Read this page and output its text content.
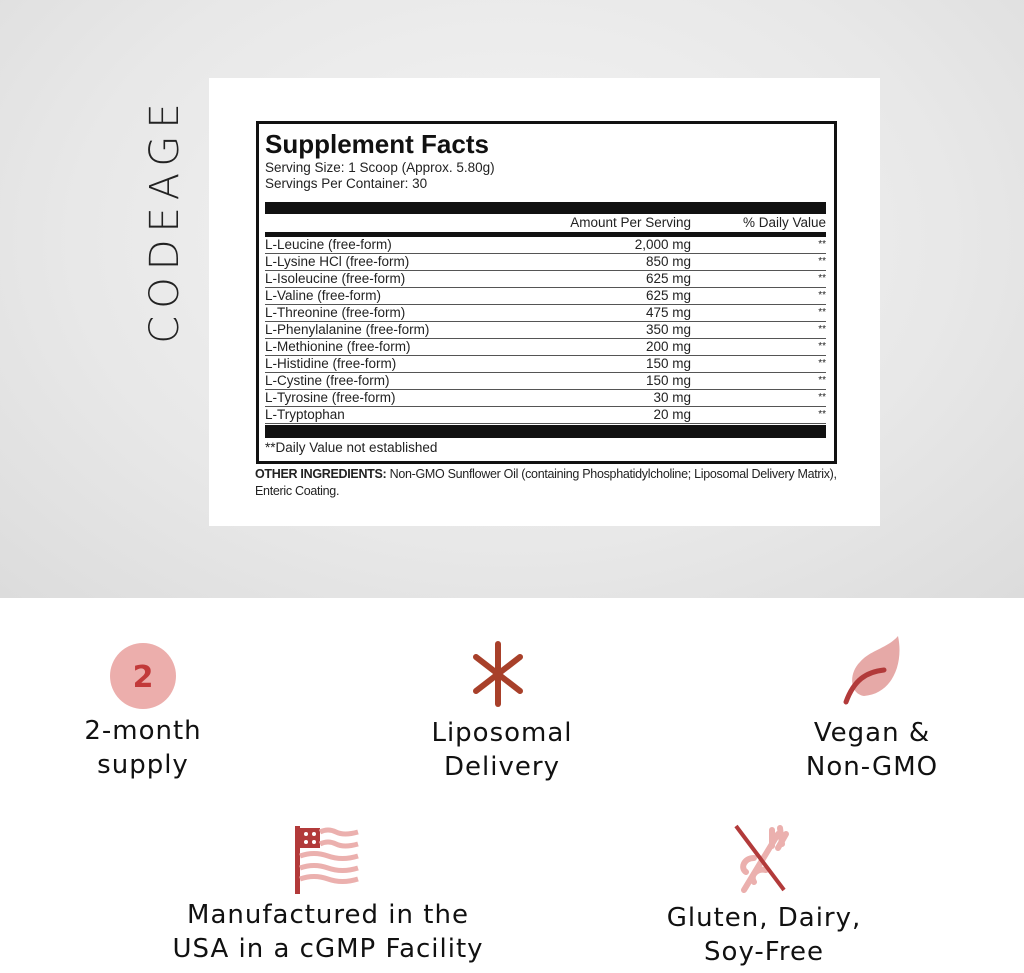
CODEAGE	Supplement Facts
Serving Size: 1 Scoop (Approx. 5.80g)
Servings Per Container: 30
Amount Per Serving	% Daily Value
L-Leucine (free-form)	2,000 mg	**
L-Lysine HCl (free-form)	850 mg	**
L-Isoleucine (free-form)	625 mg	**
L-Valine (free-form)	625 mg	**
L-Threonine (free-form)	475 mg	**
L-Phenylalanine (free-form)	350 mg	**
L-Methionine (free-form)	200 mg	**
L-Histidine (free-form)	150 mg	**
L-Cystine (free-form)	150 mg	**
L-Tyrosine (free-form)	30 mg	**
L-Tryptophan	20 mg	**
**Daily Value not established
OTHER INGREDIENTS: Non-GMO Sunflower Oil (containing Phosphatidylcholine; Liposomal Delivery Matrix), Enteric Coating.
2
2-month
supply
Liposomal
Delivery
Vegan &
Non-GMO
Manufactured in the
USA in a cGMP Facility
Gluten, Dairy,
Soy-Free
